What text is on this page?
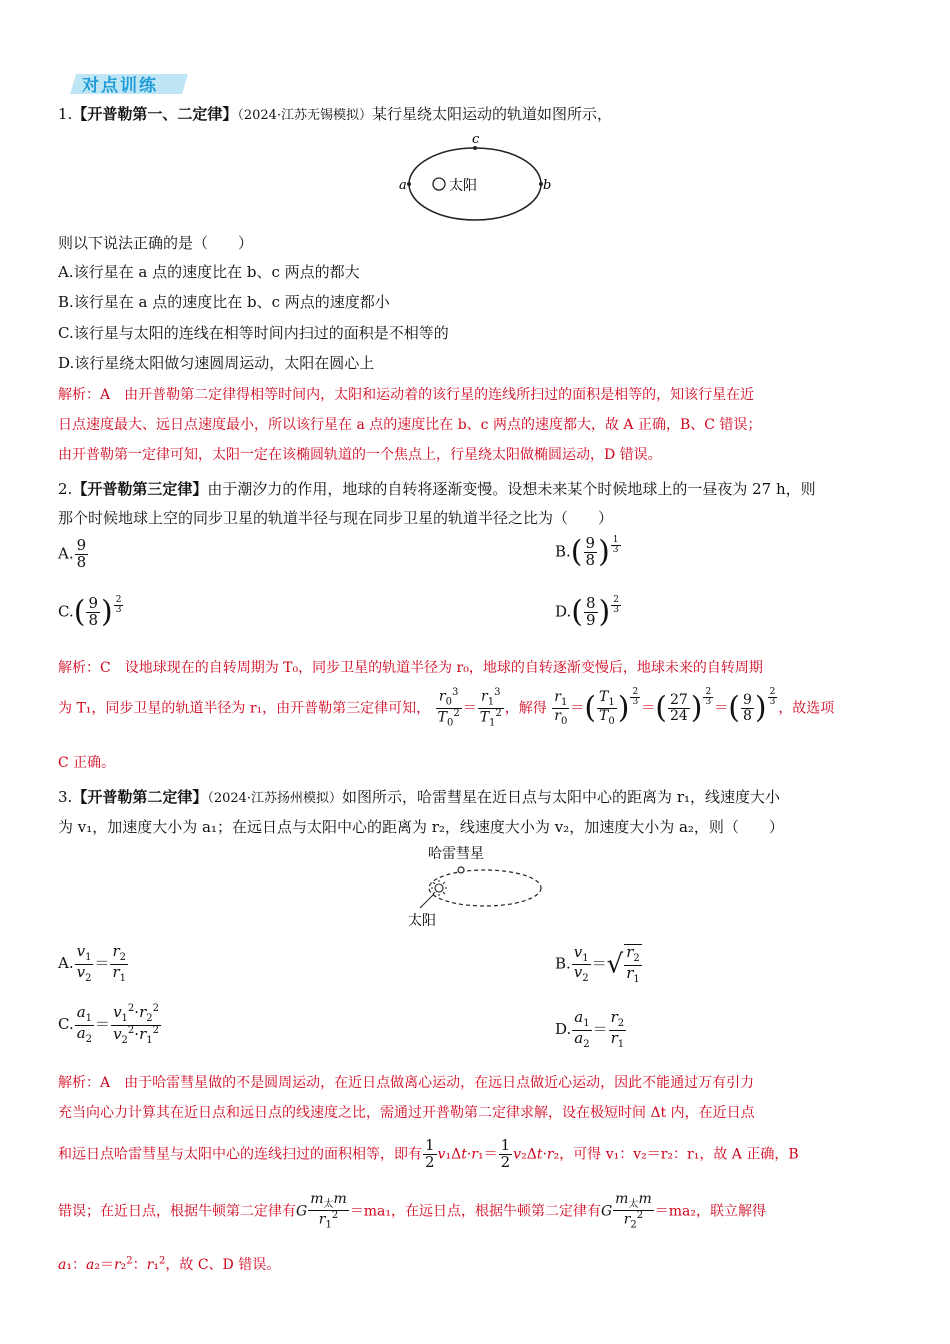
对点训练
1.【开普勒第一、二定律】（2024·江苏无锡模拟）某行星绕太阳运动的轨道如图所示，
太阳
a	b
c
则以下说法正确的是（　　）
A.该行星在 a 点的速度比在 b、c 两点的都大
B.该行星在 a 点的速度比在 b、c 两点的速度都小
C.该行星与太阳的连线在相等时间内扫过的面积是不相等的
D.该行星绕太阳做匀速圆周运动，太阳在圆心上
解析：A　由开普勒第二定律得相等时间内，太阳和运动着的该行星的连线所扫过的面积是相等的，知该行星在近
日点速度最大、远日点速度最小，所以该行星在 a 点的速度比在 b、c 两点的速度都大，故 A 正确，B、C 错误；
由开普勒第一定律可知，太阳一定在该椭圆轨道的一个焦点上，行星绕太阳做椭圆运动，D 错误。
2.【开普勒第三定律】由于潮汐力的作用，地球的自转将逐渐变慢。设想未来某个时候地球上的一昼夜为 27 h，则
那个时候地球上空的同步卫星的轨道半径与现在同步卫星的轨道半径之比为（　　）
A. $\frac{9}{8}$	$B.( \frac{9}{8}$ ) $\frac{1}{3}$
$C.( \frac{9}{8}$ ) $\frac{2}{3}$	$D.( \frac{8}{9}$ ) $\frac{2}{3}$
解析：C　设地球现在的自转周期为 T₀，同步卫星的轨道半径为 r₀，地球的自转逐渐变慢后，地球未来的自转周期
为 T₁，同步卫星的轨道半径为 r₁，由开普勒第三定律可知， $\frac{r_0^3}{T_0^2} = \frac{r_1^3}{T_1^2}$ ，解得 $\frac{r_1}{r_0}$ ＝( $\frac{T_1}{T_0}$ ) $\frac{2}{3}$
＝( $\frac{27}{24}$ ) $\frac{2}{3}$
＝( $\frac{9}{8}$ ) $\frac{2}{3}$
，故选项
C 正确。
3.【开普勒第二定律】（2024·江苏扬州模拟）如图所示，哈雷彗星在近日点与太阳中心的距离为 r₁，线速度大小
为 v₁，加速度大小为 a₁；在远日点与太阳中心的距离为 r₂，线速度大小为 v₂，加速度大小为 a₂，则（　　）
哈雷彗星
太阳
A. $\frac{v_1}{v_2} = \frac{r_2}{r_1}$	B. $\frac{v_1}{v_2}$ ＝√ $\frac{r_2}{r_1}$
C. $\frac{a_1}{a_2} = \frac{v_1^2\cdot r_2^2}{v_2^2\cdot r_1^2}$	D. $\frac{a_1}{a_2} = \frac{r_2}{r_1}$
解析：A　由于哈雷彗星做的不是圆周运动，在近日点做离心运动，在远日点做近心运动，因此不能通过万有引力
充当向心力计算其在近日点和远日点的线速度之比，需通过开普勒第二定律求解，设在极短时间 Δt 内，在近日点
和远日点哈雷彗星与太阳中心的连线扫过的面积相等，即有 $\frac{1}{2} v_1\Delta t\cdot r_1= \frac{1}{2} v_2\Delta t\cdot r_2$，可得 v₁：v₂＝r₂：r₁，故 A 正确，B
错误；在近日点，根据牛顿第二定律有G $\frac{m_太m}{r_1^2} =ma_1$，在远日点，根据牛顿第二定律有G $\frac{m_太m}{r_2^2} =ma_2$，联立解得
a₁：a₂＝r₂$^2$：r₁$^2$，故 C、D 错误。
